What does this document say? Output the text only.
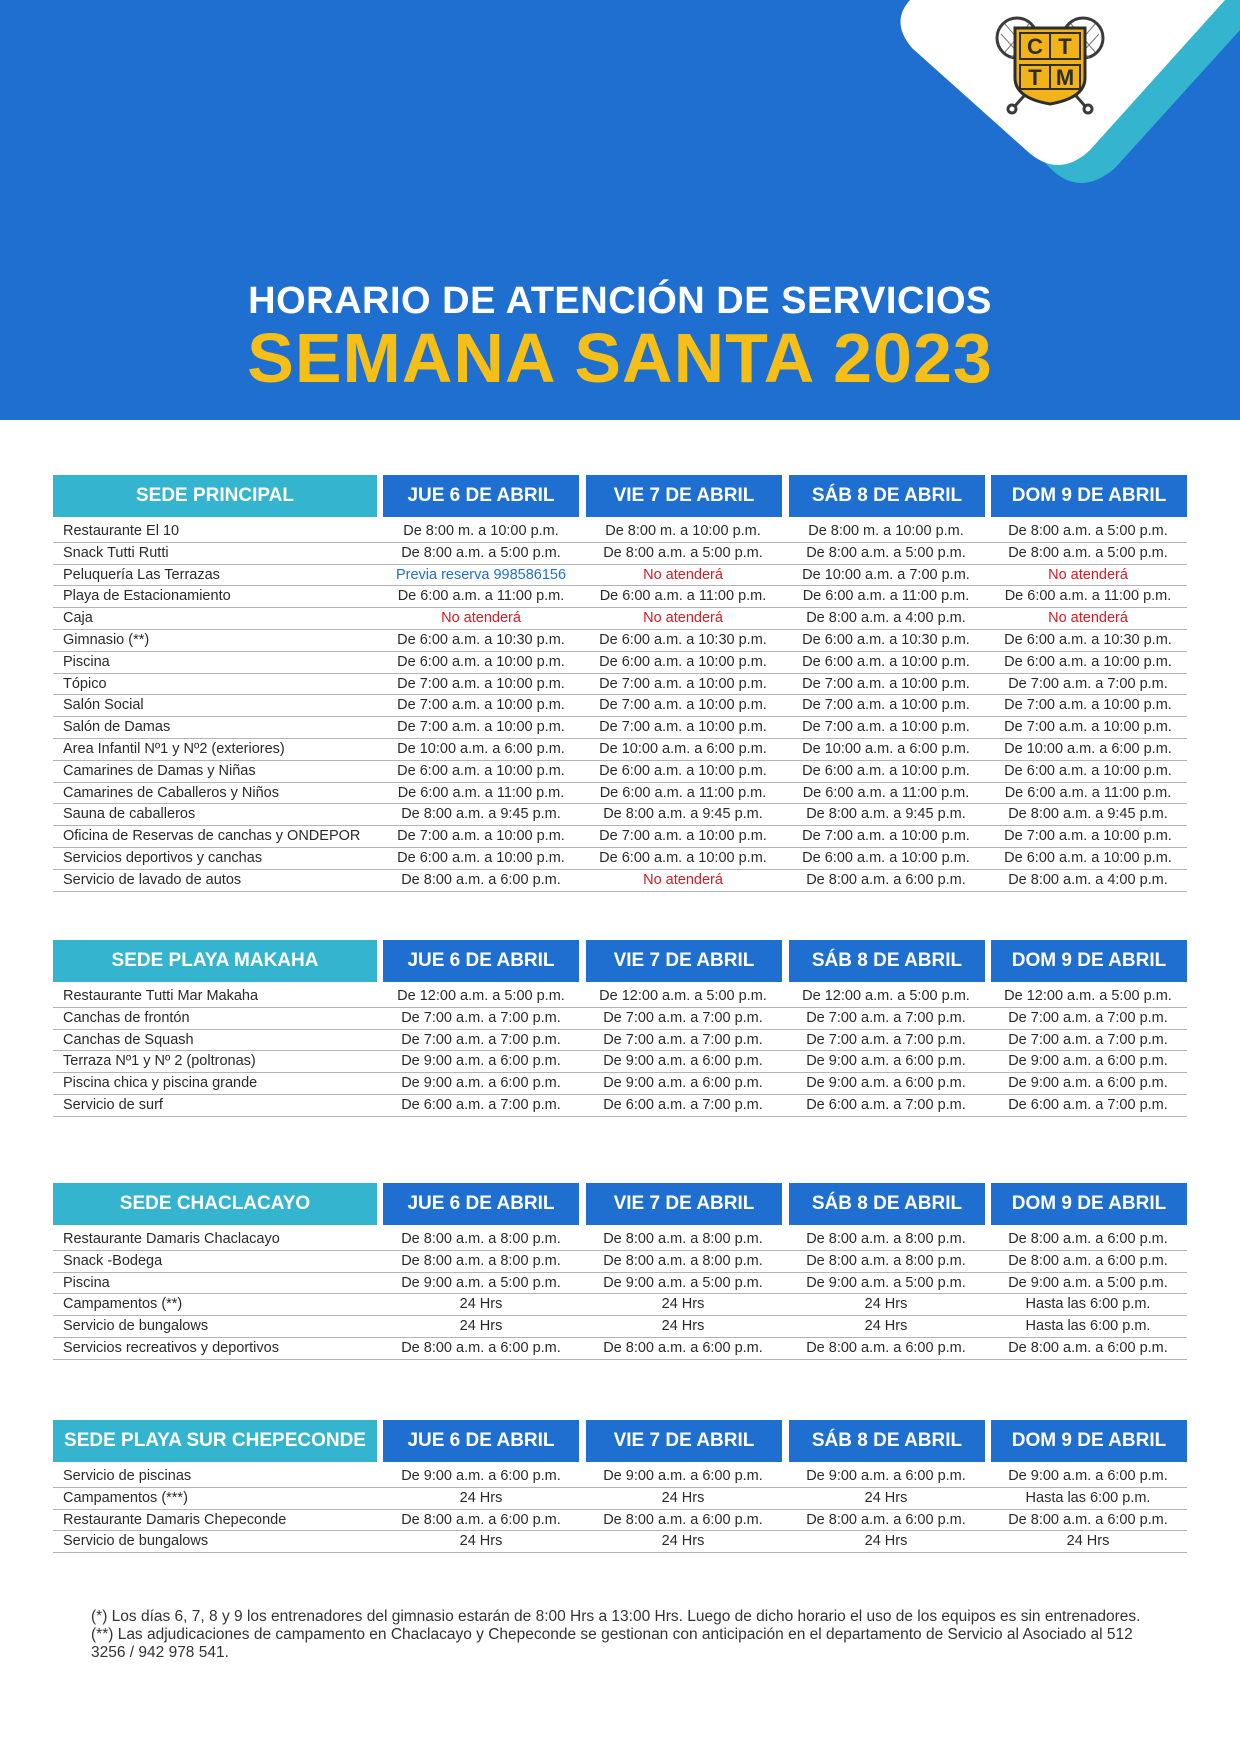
C T
T M
HORARIO DE ATENCIÓN DE SERVICIOS
SEMANA SANTA 2023
SEDE PRINCIPAL	JUE 6 DE ABRIL	VIE 7 DE ABRIL	SÁB 8 DE ABRIL	DOM 9 DE ABRIL
Restaurante El 10	De 8:00 m. a 10:00 p.m.	De 8:00 m. a 10:00 p.m.	De 8:00 m. a 10:00 p.m.	De 8:00 a.m. a 5:00 p.m.
Snack Tutti Rutti	De 8:00 a.m. a 5:00 p.m.	De 8:00 a.m. a 5:00 p.m.	De 8:00 a.m. a 5:00 p.m.	De 8:00 a.m. a 5:00 p.m.
Peluquería Las Terrazas	Previa reserva 998586156	No atenderá	De 10:00 a.m. a 7:00 p.m.	No atenderá
Playa de Estacionamiento	De 6:00 a.m. a 11:00 p.m.	De 6:00 a.m. a 11:00 p.m.	De 6:00 a.m. a 11:00 p.m.	De 6:00 a.m. a 11:00 p.m.
Caja	No atenderá	No atenderá	De 8:00 a.m. a 4:00 p.m.	No atenderá
Gimnasio (**)	De 6:00 a.m. a 10:30 p.m.	De 6:00 a.m. a 10:30 p.m.	De 6:00 a.m. a 10:30 p.m.	De 6:00 a.m. a 10:30 p.m.
Piscina	De 6:00 a.m. a 10:00 p.m.	De 6:00 a.m. a 10:00 p.m.	De 6:00 a.m. a 10:00 p.m.	De 6:00 a.m. a 10:00 p.m.
Tópico	De 7:00 a.m. a 10:00 p.m.	De 7:00 a.m. a 10:00 p.m.	De 7:00 a.m. a 10:00 p.m.	De 7:00 a.m. a 7:00 p.m.
Salón Social	De 7:00 a.m. a 10:00 p.m.	De 7:00 a.m. a 10:00 p.m.	De 7:00 a.m. a 10:00 p.m.	De 7:00 a.m. a 10:00 p.m.
Salón de Damas	De 7:00 a.m. a 10:00 p.m.	De 7:00 a.m. a 10:00 p.m.	De 7:00 a.m. a 10:00 p.m.	De 7:00 a.m. a 10:00 p.m.
Area Infantil Nº1 y Nº2 (exteriores)	De 10:00 a.m. a 6:00 p.m.	De 10:00 a.m. a 6:00 p.m.	De 10:00 a.m. a 6:00 p.m.	De 10:00 a.m. a 6:00 p.m.
Camarines de Damas y Niñas	De 6:00 a.m. a 10:00 p.m.	De 6:00 a.m. a 10:00 p.m.	De 6:00 a.m. a 10:00 p.m.	De 6:00 a.m. a 10:00 p.m.
Camarines de Caballeros y Niños	De 6:00 a.m. a 11:00 p.m.	De 6:00 a.m. a 11:00 p.m.	De 6:00 a.m. a 11:00 p.m.	De 6:00 a.m. a 11:00 p.m.
Sauna de caballeros	De 8:00 a.m. a 9:45 p.m.	De 8:00 a.m. a 9:45 p.m.	De 8:00 a.m. a 9:45 p.m.	De 8:00 a.m. a 9:45 p.m.
Oficina de Reservas de canchas y ONDEPOR	De 7:00 a.m. a 10:00 p.m.	De 7:00 a.m. a 10:00 p.m.	De 7:00 a.m. a 10:00 p.m.	De 7:00 a.m. a 10:00 p.m.
Servicios deportivos y canchas	De 6:00 a.m. a 10:00 p.m.	De 6:00 a.m. a 10:00 p.m.	De 6:00 a.m. a 10:00 p.m.	De 6:00 a.m. a 10:00 p.m.
Servicio de lavado de autos	De 8:00 a.m. a 6:00 p.m.	No atenderá	De 8:00 a.m. a 6:00 p.m.	De 8:00 a.m. a 4:00 p.m.
SEDE PLAYA MAKAHA	JUE 6 DE ABRIL	VIE 7 DE ABRIL	SÁB 8 DE ABRIL	DOM 9 DE ABRIL
Restaurante Tutti Mar Makaha	De 12:00 a.m. a 5:00 p.m.	De 12:00 a.m. a 5:00 p.m.	De 12:00 a.m. a 5:00 p.m.	De 12:00 a.m. a 5:00 p.m.
Canchas de frontón	De 7:00 a.m. a 7:00 p.m.	De 7:00 a.m. a 7:00 p.m.	De 7:00 a.m. a 7:00 p.m.	De 7:00 a.m. a 7:00 p.m.
Canchas de Squash	De 7:00 a.m. a 7:00 p.m.	De 7:00 a.m. a 7:00 p.m.	De 7:00 a.m. a 7:00 p.m.	De 7:00 a.m. a 7:00 p.m.
Terraza Nº1 y Nº 2 (poltronas)	De 9:00 a.m. a 6:00 p.m.	De 9:00 a.m. a 6:00 p.m.	De 9:00 a.m. a 6:00 p.m.	De 9:00 a.m. a 6:00 p.m.
Piscina chica y piscina grande	De 9:00 a.m. a 6:00 p.m.	De 9:00 a.m. a 6:00 p.m.	De 9:00 a.m. a 6:00 p.m.	De 9:00 a.m. a 6:00 p.m.
Servicio de surf	De 6:00 a.m. a 7:00 p.m.	De 6:00 a.m. a 7:00 p.m.	De 6:00 a.m. a 7:00 p.m.	De 6:00 a.m. a 7:00 p.m.
SEDE CHACLACAYO	JUE 6 DE ABRIL	VIE 7 DE ABRIL	SÁB 8 DE ABRIL	DOM 9 DE ABRIL
Restaurante Damaris Chaclacayo	De 8:00 a.m. a 8:00 p.m.	De 8:00 a.m. a 8:00 p.m.	De 8:00 a.m. a 8:00 p.m.	De 8:00 a.m. a 6:00 p.m.
Snack -Bodega	De 8:00 a.m. a 8:00 p.m.	De 8:00 a.m. a 8:00 p.m.	De 8:00 a.m. a 8:00 p.m.	De 8:00 a.m. a 6:00 p.m.
Piscina	De 9:00 a.m. a 5:00 p.m.	De 9:00 a.m. a 5:00 p.m.	De 9:00 a.m. a 5:00 p.m.	De 9:00 a.m. a 5:00 p.m.
Campamentos (**)	24 Hrs	24 Hrs	24 Hrs	Hasta las 6:00 p.m.
Servicio de bungalows	24 Hrs	24 Hrs	24 Hrs	Hasta las 6:00 p.m.
Servicios recreativos y deportivos	De 8:00 a.m. a 6:00 p.m.	De 8:00 a.m. a 6:00 p.m.	De 8:00 a.m. a 6:00 p.m.	De 8:00 a.m. a 6:00 p.m.
SEDE PLAYA SUR CHEPECONDE	JUE 6 DE ABRIL	VIE 7 DE ABRIL	SÁB 8 DE ABRIL	DOM 9 DE ABRIL
Servicio de piscinas	De 9:00 a.m. a 6:00 p.m.	De 9:00 a.m. a 6:00 p.m.	De 9:00 a.m. a 6:00 p.m.	De 9:00 a.m. a 6:00 p.m.
Campamentos (***)	24 Hrs	24 Hrs	24 Hrs	Hasta las 6:00 p.m.
Restaurante Damaris Chepeconde	De 8:00 a.m. a 6:00 p.m.	De 8:00 a.m. a 6:00 p.m.	De 8:00 a.m. a 6:00 p.m.	De 8:00 a.m. a 6:00 p.m.
Servicio de bungalows	24 Hrs	24 Hrs	24 Hrs	24 Hrs

(*) Los días 6, 7, 8 y 9 los entrenadores del gimnasio estarán de 8:00 Hrs a 13:00 Hrs. Luego de dicho horario el uso de los equipos es sin entrenadores.

(**) Las adjudicaciones de campamento en Chaclacayo y Chepeconde se gestionan con anticipación en el departamento de Servicio al Asociado al 512 3256 / 942 978 541.
